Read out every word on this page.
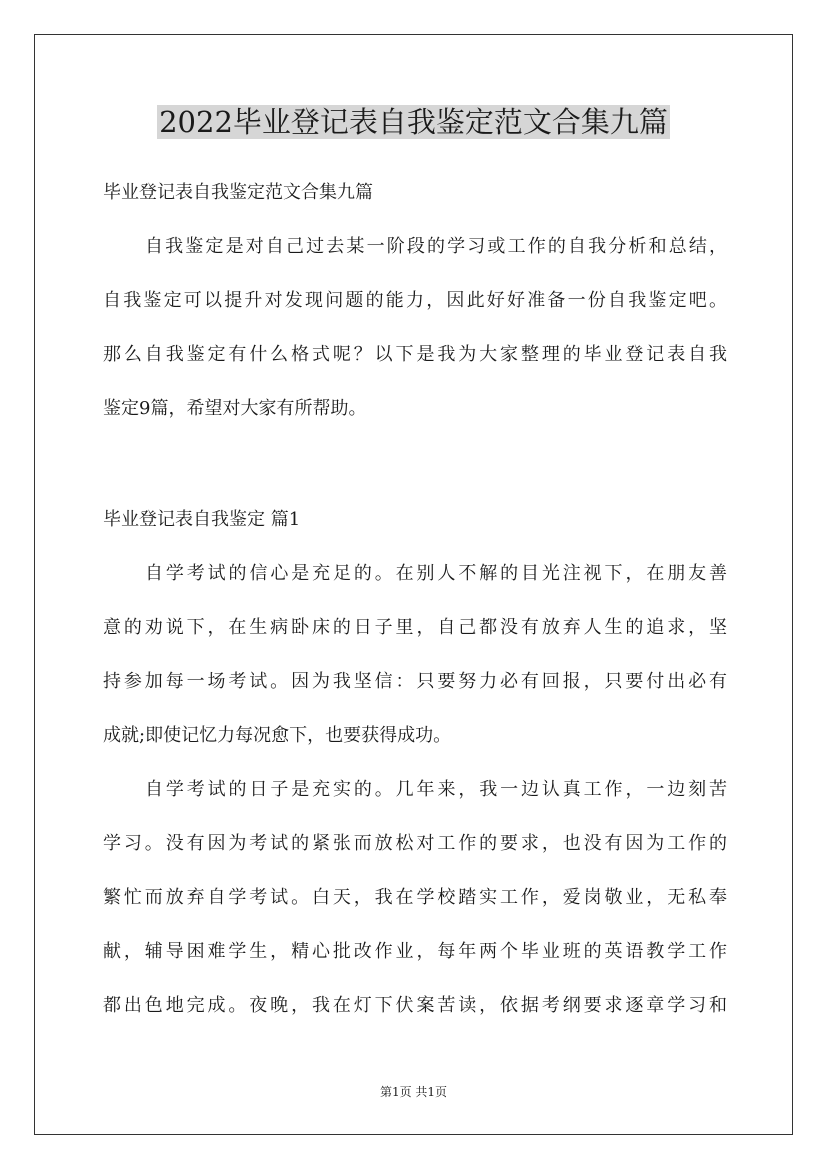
2022毕业登记表自我鉴定范文合集九篇

毕业登记表自我鉴定范文合集九篇

自我鉴定是对自己过去某一阶段的学习或工作的自我分析和总结，

自我鉴定可以提升对发现问题的能力，因此好好准备一份自我鉴定吧。

那么自我鉴定有什么格式呢？以下是我为大家整理的毕业登记表自我

鉴定9篇，希望对大家有所帮助。

毕业登记表自我鉴定 篇1

自学考试的信心是充足的。在别人不解的目光注视下，在朋友善

意的劝说下，在生病卧床的日子里，自己都没有放弃人生的追求，坚

持参加每一场考试。因为我坚信：只要努力必有回报，只要付出必有

成就;即使记忆力每况愈下，也要获得成功。

自学考试的日子是充实的。几年来，我一边认真工作，一边刻苦

学习。没有因为考试的紧张而放松对工作的要求，也没有因为工作的

繁忙而放弃自学考试。白天，我在学校踏实工作，爱岗敬业，无私奉

献，辅导困难学生，精心批改作业，每年两个毕业班的英语教学工作

都出色地完成。夜晚，我在灯下伏案苦读，依据考纲要求逐章学习和

第1页 共1页
